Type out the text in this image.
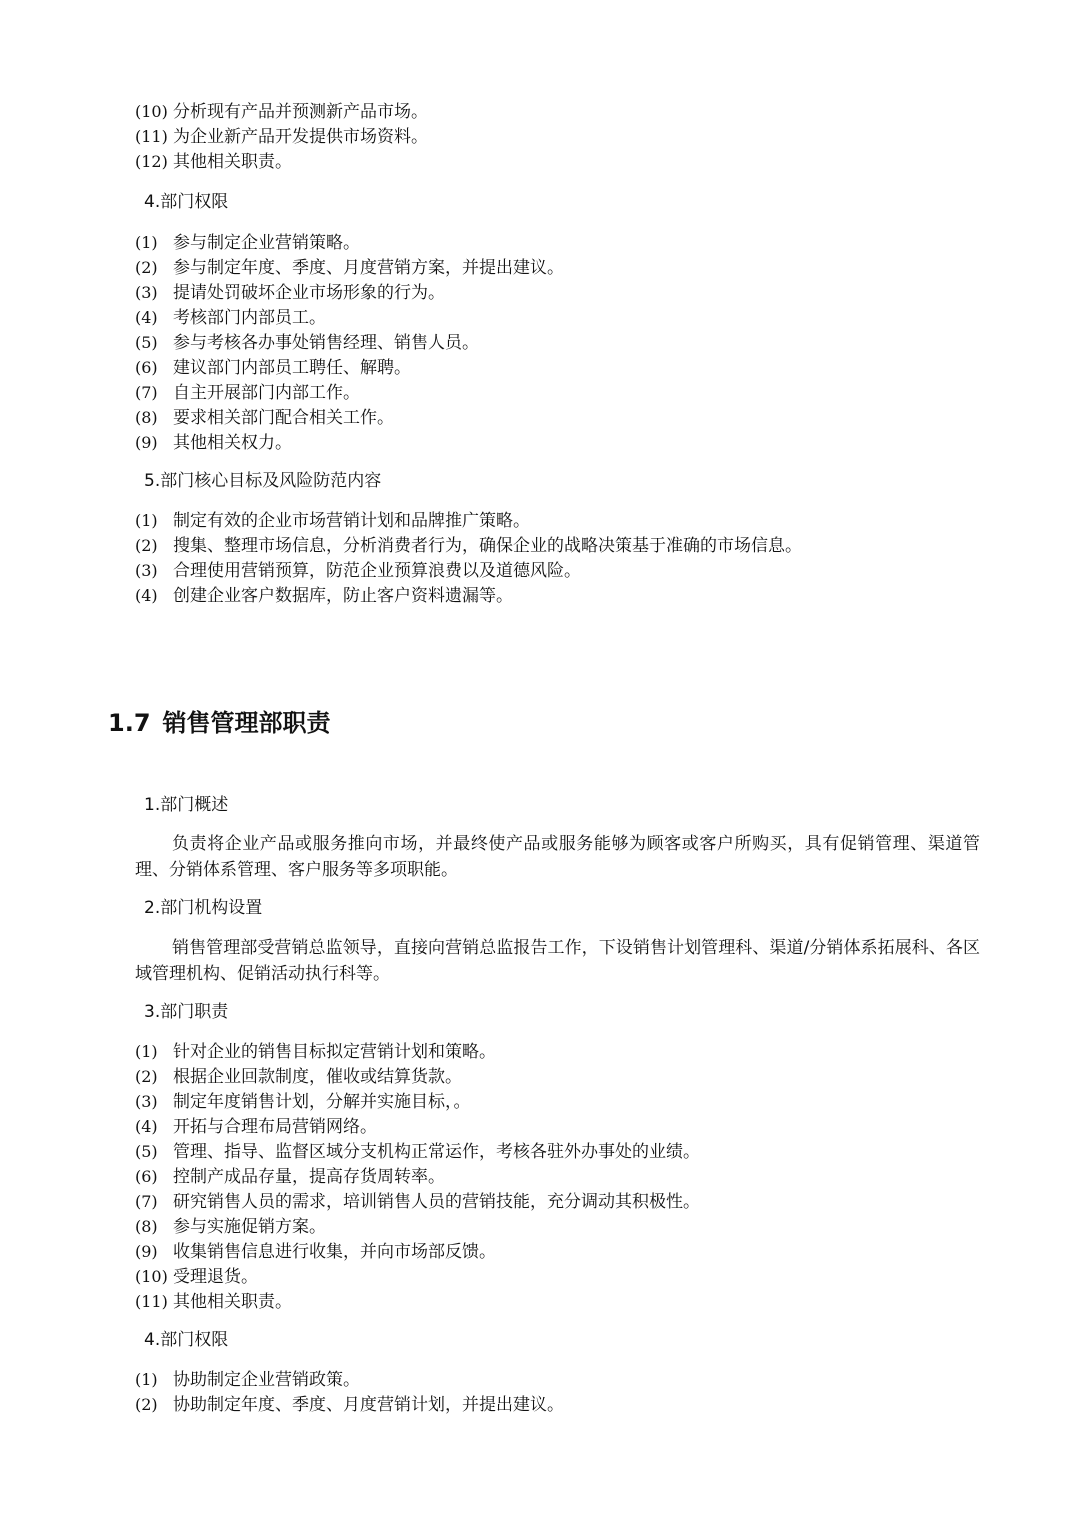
(10) 分析现有产品并预测新产品市场。
(11) 为企业新产品开发提供市场资料。
(12) 其他相关职责。
4.部门权限
(1) 参与制定企业营销策略。
(2) 参与制定年度、季度、月度营销方案，并提出建议。
(3) 提请处罚破坏企业市场形象的行为。
(4) 考核部门内部员工。
(5) 参与考核各办事处销售经理、销售人员。
(6) 建议部门内部员工聘任、解聘。
(7) 自主开展部门内部工作。
(8) 要求相关部门配合相关工作。
(9) 其他相关权力。
5.部门核心目标及风险防范内容
(1) 制定有效的企业市场营销计划和品牌推广策略。
(2) 搜集、整理市场信息，分析消费者行为，确保企业的战略决策基于准确的市场信息。
(3) 合理使用营销预算，防范企业预算浪费以及道德风险。
(4) 创建企业客户数据库，防止客户资料遗漏等。
1.7 销售管理部职责
1.部门概述

负责将企业产品或服务推向市场，并最终使产品或服务能够为顾客或客户所购买，具有促销管理、渠道管理、分销体系管理、客户服务等多项职能。

2.部门机构设置

销售管理部受营销总监领导，直接向营销总监报告工作，下设销售计划管理科、渠道/分销体系拓展科、各区域管理机构、促销活动执行科等。

3.部门职责
(1) 针对企业的销售目标拟定营销计划和策略。
(2) 根据企业回款制度，催收或结算货款。
(3) 制定年度销售计划，分解并实施目标，。
(4) 开拓与合理布局营销网络。
(5) 管理、指导、监督区域分支机构正常运作，考核各驻外办事处的业绩。
(6) 控制产成品存量，提高存货周转率。
(7) 研究销售人员的需求，培训销售人员的营销技能，充分调动其积极性。
(8) 参与实施促销方案。
(9) 收集销售信息进行收集，并向市场部反馈。
(10) 受理退货。
(11) 其他相关职责。
4.部门权限
(1) 协助制定企业营销政策。
(2) 协助制定年度、季度、月度营销计划，并提出建议。
